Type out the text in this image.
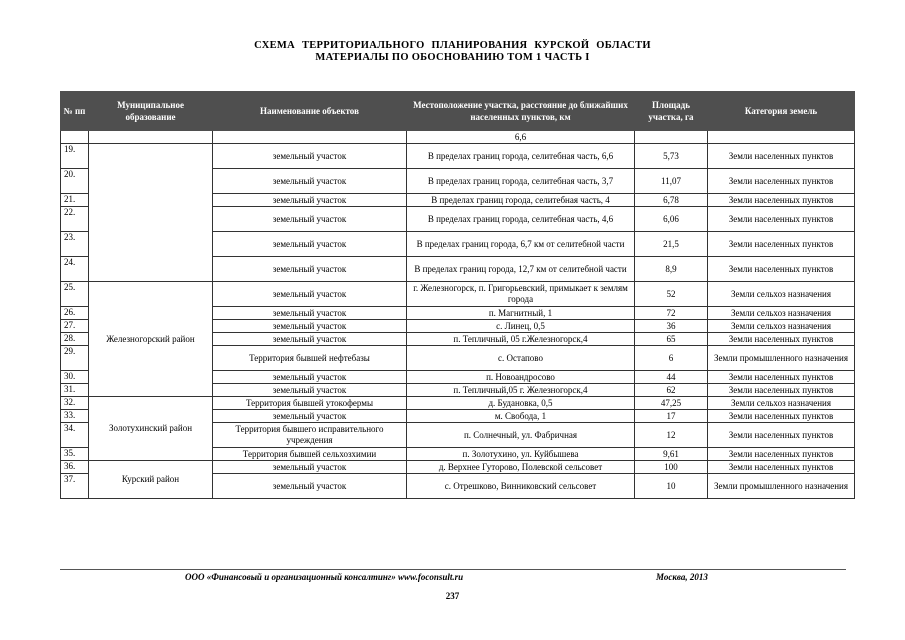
СХЕМА ТЕРРИТОРИАЛЬНОГО ПЛАНИРОВАНИЯ КУРСКОЙ ОБЛАСТИ
МАТЕРИАЛЫ ПО ОБОСНОВАНИЮ ТОМ 1 ЧАСТЬ I
№ пп	Муниципальное образование	Наименование объектов	Местоположение участка, расстояние до ближайших населенных пунктов, км	Площадь участка, га	Категория земель
			6,6		
19.		земельный участок	В пределах границ города, селитебная часть, 6,6	5,73	Земли населенных пунктов
20.		земельный участок	В пределах границ города, селитебная часть, 3,7	11,07	Земли населенных пунктов
21.		земельный участок	В пределах границ города, селитебная часть, 4	6,78	Земли населенных пунктов
22.		земельный участок	В пределах границ города, селитебная часть, 4,6	6,06	Земли населенных пунктов
23.		земельный участок	В пределах границ города, 6,7 км от селитебной части	21,5	Земли населенных пунктов
24.		земельный участок	В пределах границ города, 12,7 км от селитебной части	8,9	Земли населенных пунктов
25.	Железногорский район	земельный участок	г. Железногорск, п. Григорьевский, примыкает к землям города	52	Земли сельхоз назначения
26.		земельный участок	п. Магнитный, 1	72	Земли сельхоз назначения
27.		земельный участок	с. Линец, 0,5	36	Земли сельхоз назначения
28.		земельный участок	п. Тепличный, 05 г.Железногорск,4	65	Земли населенных пунктов
29.		Территория бывшей нефтебазы	с. Остапово	6	Земли промышленного назначения
30.		земельный участок	п. Новоандросово	44	Земли населенных пунктов
31.		земельный участок	п. Тепличный,05 г. Железногорск,4	62	Земли населенных пунктов
32.	Золотухинский район	Территория бывшей утокофермы	д. Будановка, 0,5	47,25	Земли сельхоз назначения
33.		земельный участок	м. Свобода, 1	17	Земли населенных пунктов
34.		Территория бывшего исправительного учреждения	п. Солнечный, ул. Фабричная	12	Земли населенных пунктов
35.		Территория бывшей сельхозхимии	п. Золотухино, ул. Куйбышева	9,61	Земли населенных пунктов
36.	Курский район	земельный участок	д. Верхнее Гуторово, Полевской сельсовет	100	Земли населенных пунктов
37.		земельный участок	с. Отрешково, Винниковский сельсовет	10	Земли промышленного назначения
ООО «Финансовый и организационный консалтинг» www.foconsult.ru	Москва, 2013
237
